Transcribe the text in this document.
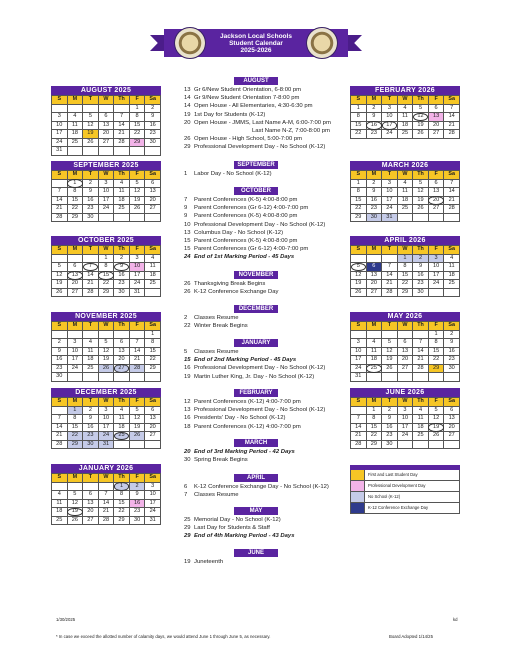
Jackson Local Schools
Student Calendar
2025-2026
AUGUST 2025
S	M	T	W	Th	F	Sa
					1	2
3	4	5	6	7	8	9
10	11	12	13	14	15	16
17	18	19	20	21	22	23
24	25	26	27	28	29	30
31						
SEPTEMBER 2025
S	M	T	W	Th	F	Sa
	1	2	3	4	5	6
7	8	9	10	11	12	13
14	15	16	17	18	19	20
21	22	23	24	25	26	27
28	29	30				
OCTOBER 2025
S	M	T	W	Th	F	Sa
			1	2	3	4
5	6	7	8	9	10	11
12	13	14	15	16	17	18
19	20	21	22	23	24	25
26	27	28	29	30	31	
NOVEMBER 2025
S	M	T	W	Th	F	Sa
						1
2	3	4	5	6	7	8
9	10	11	12	13	14	15
16	17	18	19	20	21	22
23	24	25	26	27	28	29
30						
DECEMBER 2025
S	M	T	W	Th	F	Sa
	1	2	3	4	5	6
7	8	9	10	11	12	13
14	15	16	17	18	19	20
21	22	23	24	25	26	27
28	29	30	31			
JANUARY 2026
S	M	T	W	Th	F	Sa
				1	2	3
4	5	6	7	8	9	10
11	12	13	14	15	16	17
18	19	20	21	22	23	24
25	26	27	28	29	30	31
FEBRUARY 2026
S	M	T	W	Th	F	Sa
1	2	3	4	5	6	7
8	9	10	11	12	13	14
15	16	17	18	19	20	21
22	23	24	25	26	27	28
MARCH 2026
S	M	T	W	Th	F	Sa
1	2	3	4	5	6	7
8	9	10	11	12	13	14
15	16	17	18	19	20	21
22	23	24	25	26	27	28
29	30	31				
APRIL 2026
S	M	T	W	Th	F	Sa
			1	2	3	4
5	6	7	8	9	10	11
12	13	14	15	16	17	18
19	20	21	22	23	24	25
26	27	28	29	30		
MAY 2026
S	M	T	W	Th	F	Sa
					1	2
3	4	5	6	7	8	9
10	11	12	13	14	15	16
17	18	19	20	21	22	23
24	25	26	27	28	29	30
31						
JUNE 2026
S	M	T	W	Th	F	Sa
	1	2	3	4	5	6
7	8	9	10	11	12	13
14	15	16	17	18	19	20
21	22	23	24	25	26	27
28	29	30				
AUGUST
13 Gr 6/New Student Orientation, 6-8:00 pm
14 Gr 9/New Student Orientation 7-8:00 pm
14 Open House - All Elementaries, 4:30-6:30 pm
19 1st Day for Students (K-12)
20 Open House - JMMS, Last Name A-M, 6:00-7:00 pm
Last Name N-Z, 7:00-8:00 pm
26 Open House - High School, 5:00-7:00 pm
29 Professional Development Day - No School (K-12)
SEPTEMBER
1 Labor Day - No School (K-12)
OCTOBER
7 Parent Conferences (K-5) 4:00-8:00 pm
9 Parent Conferences (Gr 6-12) 4:00-7:00 pm
9 Parent Conferences (K-5) 4:00-8:00 pm
10 Professional Development Day - No School (K-12)
13 Columbus Day - No School (K-12)
15 Parent Conferences (K-5) 4:00-8:00 pm
15 Parent Conferences (Gr 6-12) 4:00-7:00 pm
24 End of 1st Marking Period - 45 Days
NOVEMBER
26 Thanksgiving Break Begins
26 K-12 Conference Exchange Day
DECEMBER
2 Classes Resume
22 Winter Break Begins
JANUARY
5 Classes Resume
15 End of 2nd Marking Period - 45 Days
16 Professional Development Day - No School (K-12)
19 Martin Luther King, Jr. Day - No School (K-12)
FEBRUARY
12 Parent Conferences (K-12) 4:00-7:00 pm
13 Professional Development Day - No School (K-12)
16 Presidents' Day - No School (K-12)
18 Parent Conferences (K-12) 4:00-7:00 pm
MARCH
20 End of 3rd Marking Period - 42 Days
30 Spring Break Begins
APRIL
6 K-12 Conference Exchange Day - No School (K-12)
7 Classes Resume
MAY
25 Memorial Day - No School (K-12)
29 Last Day for Students & Staff
29 End of 4th Marking Period - 43 Days
JUNE
19 Juneteenth
First and Last Student Day
Professional Development Day
No School (K-12)
K-12 Conference Exchange Day
1/30/2025	kd
* In case we exceed the allotted number of calamity days, we would attend June 1 through June 5, as necessary.	Board Adopted 1/14/25
